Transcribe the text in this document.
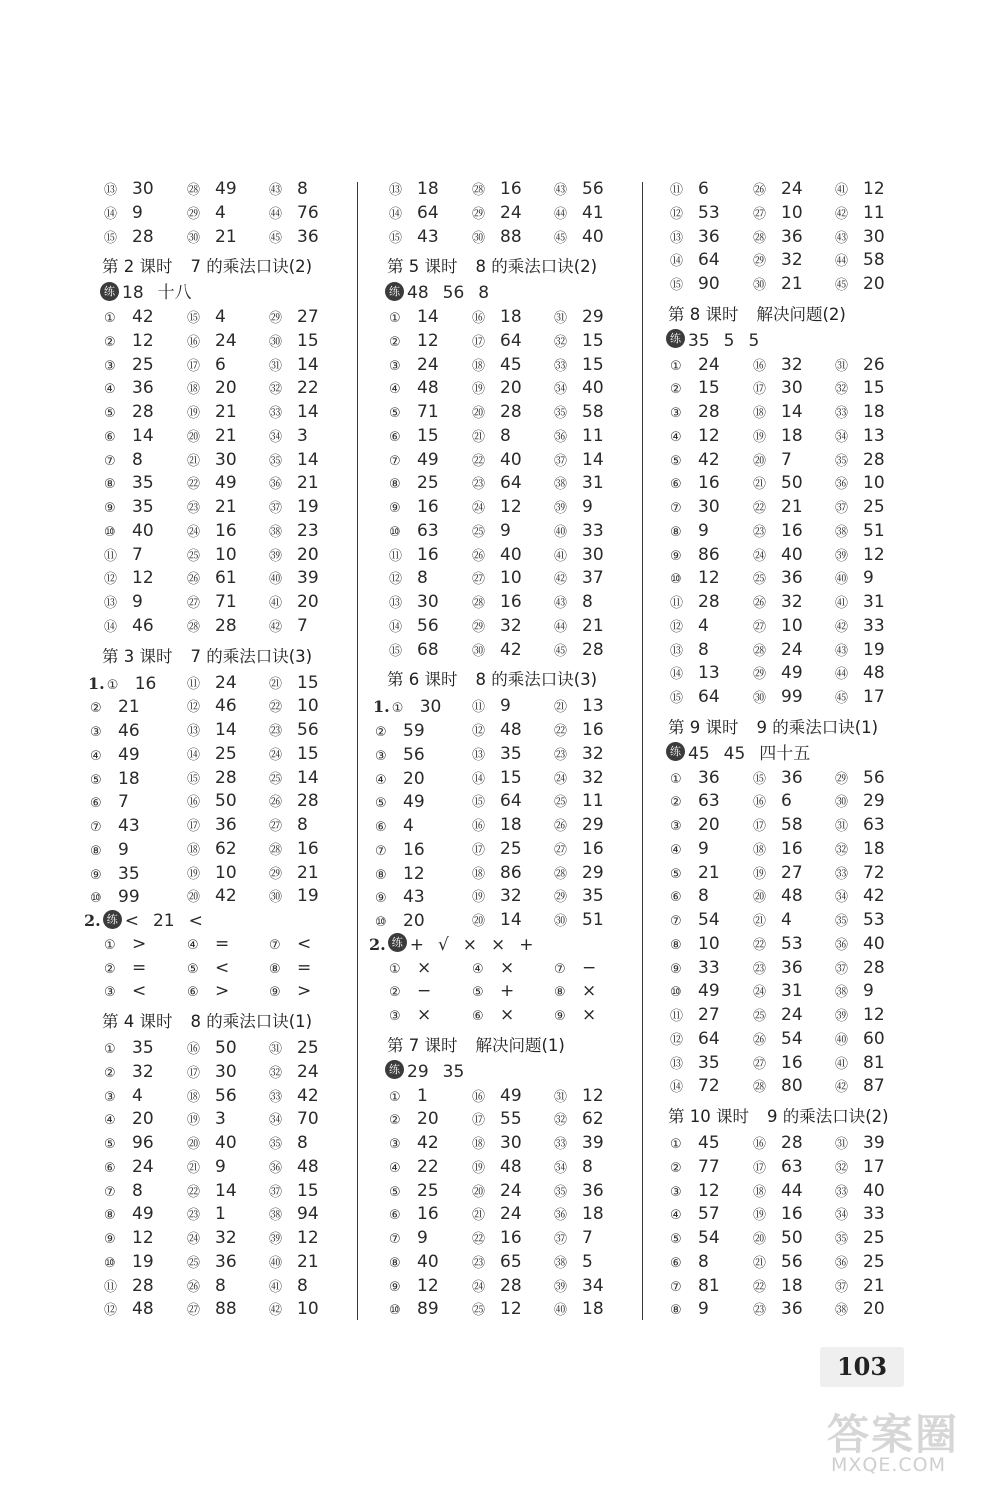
⑬ 30	㉘ 49 ㊸ 8
⑭ 9	㉙ 4	㊹ 76
⑮ 28	㉚ 21 ㊺ 36
第 2 课时 7 的乘法口诀(2)
练 18 十八
① 42	⑮ 4	㉙ 27
② 12	⑯ 24 ㉚ 15
③ 25	⑰ 6	㉛ 14
④ 36	⑱ 20 ㉜ 22
⑤ 28	⑲ 21 ㉝ 14
⑥ 14	⑳ 21 ㉞ 3
⑦ 8	㉑ 30 ㉟ 14
⑧ 35	㉒ 49 ㊱ 21
⑨ 35	㉓ 21 ㊲ 19
⑩ 40	㉔ 16 ㊳ 23
⑪ 7	㉕ 10 ㊴ 20
⑫ 12	㉖ 61 ㊵ 39
⑬ 9	㉗ 71 ㊶ 20
⑭ 46	㉘ 28 ㊷ 7
第 3 课时 7 的乘法口诀(3)
1. ① 16 ⑪ 24 ㉑ 15
② 21	⑫ 46 ㉒ 10
③ 46	⑬ 14 ㉓ 56
④ 49	⑭ 25 ㉔ 15
⑤ 18	⑮ 28 ㉕ 14
⑥ 7	⑯ 50 ㉖ 28
⑦ 43	⑰ 36 ㉗ 8
⑧ 9	⑱ 62 ㉘ 16
⑨ 35	⑲ 10 ㉙ 21
⑩ 99	⑳ 42 ㉚ 19
2. 练 < 21 <
① >	④ =	⑦ <
② =	⑤ <	⑧ =
③ <	⑥ >	⑨ >
第 4 课时 8 的乘法口诀(1)
① 35	⑯ 50 ㉛ 25
② 32	⑰ 30 ㉜ 24
③ 4	⑱ 56 ㉝ 42
④ 20	⑲ 3	㉞ 70
⑤ 96	⑳ 40 ㉟ 8
⑥ 24	㉑ 9	㊱ 48
⑦ 8	㉒ 14 ㊲ 15
⑧ 49	㉓ 1	㊳ 94
⑨ 12	㉔ 32 ㊴ 12
⑩ 19	㉕ 36 ㊵ 21
⑪ 28	㉖ 8	㊶ 8
⑫ 48	㉗ 88 ㊷ 10
⑬ 18	㉘ 16 ㊸ 56
⑭ 64	㉙ 24 ㊹ 41
⑮ 43	㉚ 88 ㊺ 40
第 5 课时 8 的乘法口诀(2)
练 48 56 8
① 14	⑯ 18 ㉛ 29
② 12	⑰ 64 ㉜ 15
③ 24	⑱ 45 ㉝ 15
④ 48	⑲ 20 ㉞ 40
⑤ 71	⑳ 28 ㉟ 58
⑥ 15	㉑ 8	㊱ 11
⑦ 49	㉒ 40 ㊲ 14
⑧ 25	㉓ 64 ㊳ 31
⑨ 16	㉔ 12 ㊴ 9
⑩ 63	㉕ 9	㊵ 33
⑪ 16	㉖ 40 ㊶ 30
⑫ 8	㉗ 10 ㊷ 37
⑬ 30	㉘ 16 ㊸ 8
⑭ 56	㉙ 32 ㊹ 21
⑮ 68	㉚ 42 ㊺ 28
第 6 课时 8 的乘法口诀(3)
1. ① 30 ⑪ 9	㉑ 13
② 59	⑫ 48 ㉒ 16
③ 56	⑬ 35 ㉓ 32
④ 20	⑭ 15 ㉔ 32
⑤ 49	⑮ 64 ㉕ 11
⑥ 4	⑯ 18 ㉖ 29
⑦ 16	⑰ 25 ㉗ 16
⑧ 12	⑱ 86 ㉘ 29
⑨ 43	⑲ 32 ㉙ 35
⑩ 20	⑳ 14 ㉚ 51
2. 练 + √ × × +
① ×	④ ×	⑦ −
② −	⑤ +	⑧ ×
③ ×	⑥ ×	⑨ ×
第 7 课时 解决问题(1)
练 29 35
① 1	⑯ 49 ㉛ 12
② 20	⑰ 55 ㉜ 62
③ 42	⑱ 30 ㉝ 39
④ 22	⑲ 48 ㉞ 8
⑤ 25	⑳ 24 ㉟ 36
⑥ 16	㉑ 24 ㊱ 18
⑦ 9	㉒ 16 ㊲ 7
⑧ 40	㉓ 65 ㊳ 5
⑨ 12	㉔ 28 ㊴ 34
⑩ 89	㉕ 12 ㊵ 18
⑪ 6	㉖ 24 ㊶ 12
⑫ 53	㉗ 10 ㊷ 11
⑬ 36	㉘ 36 ㊸ 30
⑭ 64	㉙ 32 ㊹ 58
⑮ 90	㉚ 21 ㊺ 20
第 8 课时 解决问题(2)
练 35 5 5
① 24	⑯ 32 ㉛ 26
② 15	⑰ 30 ㉜ 15
③ 28	⑱ 14 ㉝ 18
④ 12	⑲ 18 ㉞ 13
⑤ 42	⑳ 7	㉟ 28
⑥ 16	㉑ 50 ㊱ 10
⑦ 30	㉒ 21 ㊲ 25
⑧ 9	㉓ 16 ㊳ 51
⑨ 86	㉔ 40 ㊴ 12
⑩ 12	㉕ 36 ㊵ 9
⑪ 28	㉖ 32 ㊶ 31
⑫ 4	㉗ 10 ㊷ 33
⑬ 8	㉘ 24 ㊸ 19
⑭ 13	㉙ 49 ㊹ 48
⑮ 64	㉚ 99 ㊺ 17
第 9 课时 9 的乘法口诀(1)
练 45 45 四十五
① 36	⑮ 36 ㉙ 56
② 63	⑯ 6	㉚ 29
③ 20	⑰ 58 ㉛ 63
④ 9	⑱ 16 ㉜ 18
⑤ 21	⑲ 27 ㉝ 72
⑥ 8	⑳ 48 ㉞ 42
⑦ 54	㉑ 4	㉟ 53
⑧ 10	㉒ 53 ㊱ 40
⑨ 33	㉓ 36 ㊲ 28
⑩ 49	㉔ 31 ㊳ 9
⑪ 27	㉕ 24 ㊴ 12
⑫ 64	㉖ 54 ㊵ 60
⑬ 35	㉗ 16 ㊶ 81
⑭ 72	㉘ 80 ㊷ 87
第 10 课时 9 的乘法口诀(2)
① 45	⑯ 28 ㉛ 39
② 77	⑰ 63 ㉜ 17
③ 12	⑱ 44 ㉝ 40
④ 57	⑲ 16 ㉞ 33
⑤ 54	⑳ 50 ㉟ 25
⑥ 8	㉑ 56 ㊱ 25
⑦ 81	㉒ 18 ㊲ 21
⑧ 9	㉓ 36 ㊳ 20
103
答案圈
MXQE.COM
